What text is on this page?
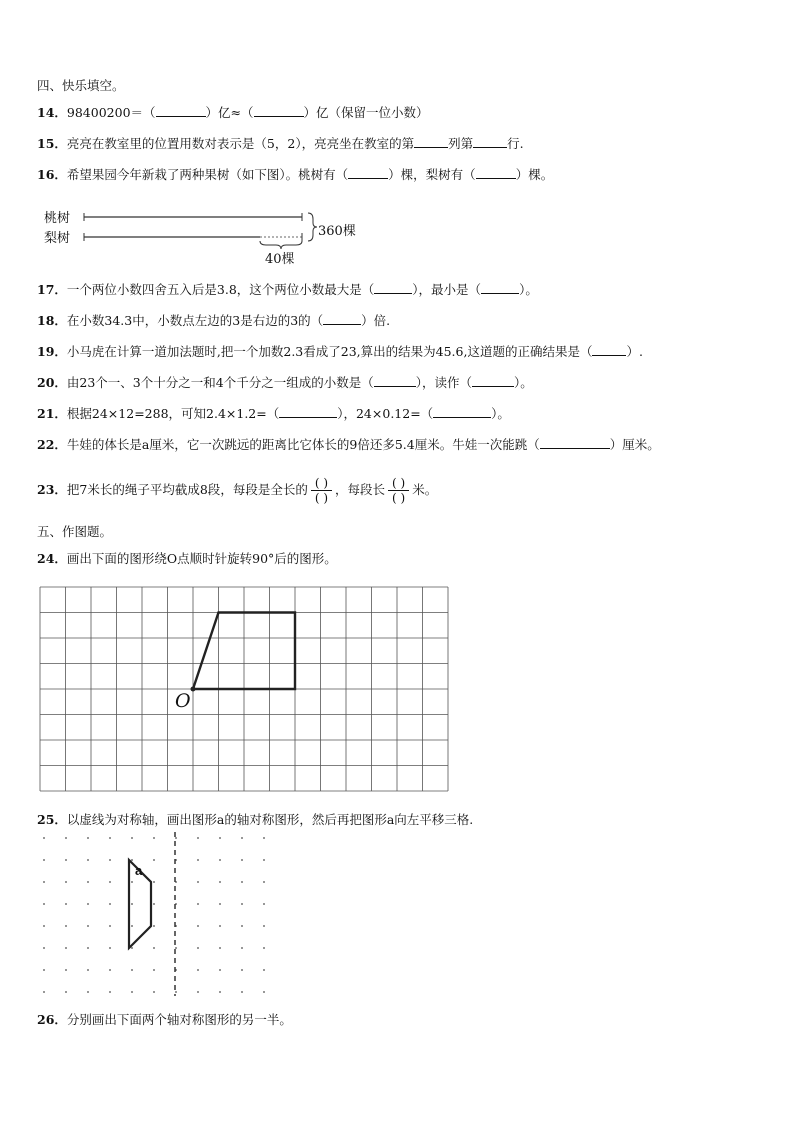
四、快乐填空。
14．98400200＝（	）亿≈（	）亿（保留一位小数）
15．亮亮在教室里的位置用数对表示是（5，2），亮亮坐在教室的第	列第	行.
16．希望果园今年新栽了两种果树（如下图）。桃树有（	）棵，梨树有（	）棵。
桃树
梨树	360棵
40棵
17．一个两位小数四舍五入后是3.8，这个两位小数最大是（	），最小是（	）。
18．在小数34.3中，小数点左边的3是右边的3的（	）倍.
19．小马虎在计算一道加法题时,把一个加数2.3看成了23,算出的结果为45.6,这道题的正确结果是（	）.
20．由23个一、3个十分之一和4个千分之一组成的小数是（	），读作（	）。
21．根据24×12=288，可知2.4×1.2=（	），24×0.12=（	）。
22．牛娃的体长是a厘米，它一次跳远的距离比它体长的9倍还多5.4厘米。牛娃一次能跳（	）厘米。
23．把7米长的绳子平均截成8段，每段是全长的 $\frac{( )}{( )}$ ，每段长 $\frac{( )}{( )}$ 米。
五、作图题。
24．画出下面的图形绕O点顺时针旋转90°后的图形。
O
25．以虚线为对称轴，画出图形a的轴对称图形，然后再把图形a向左平移三格.
a
26．分别画出下面两个轴对称图形的另一半。
